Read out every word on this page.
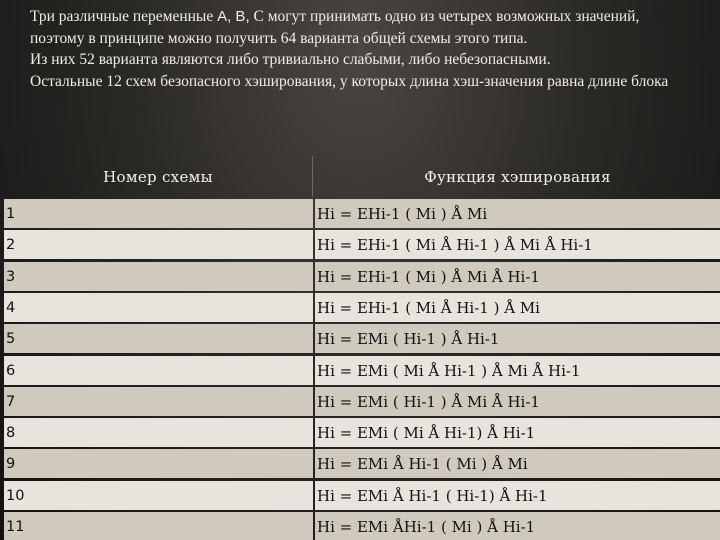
Три различные переменные A, B, C могут принимать одно из четырех возможных значений,

поэтому в принципе можно получить 64 варианта общей схемы этого типа.

Из них 52 варианта являются либо тривиально слабыми, либо небезопасными.

Остальные 12 схем безопасного хэширования, у которых длина хэш-значения равна длине блока

Номер схемы	Функция хэширования
1	Hi = EHi-1 ( Mi ) Å Mi
2	Hi = EHi-1 ( Mi Å Hi-1 ) Å Mi Å Hi-1
3	Hi = EHi-1 ( Mi ) Å Mi Å Hi-1
4	Hi = EHi-1 ( Mi Å Hi-1 ) Å Mi
5	Hi = EMi ( Hi-1 ) Å Hi-1
6	Hi = EMi ( Mi Å Hi-1 ) Å Mi Å Hi-1
7	Hi = EMi ( Hi-1 ) Å Mi Å Hi-1
8	Hi = EMi ( Mi Å Hi-1) Å Hi-1
9	Hi = EMi Å Hi-1 ( Mi ) Å Mi
10	Hi = EMi Å Hi-1 ( Hi-1) Å Hi-1
11	Hi = EMi ÅHi-1 ( Mi ) Å Hi-1
